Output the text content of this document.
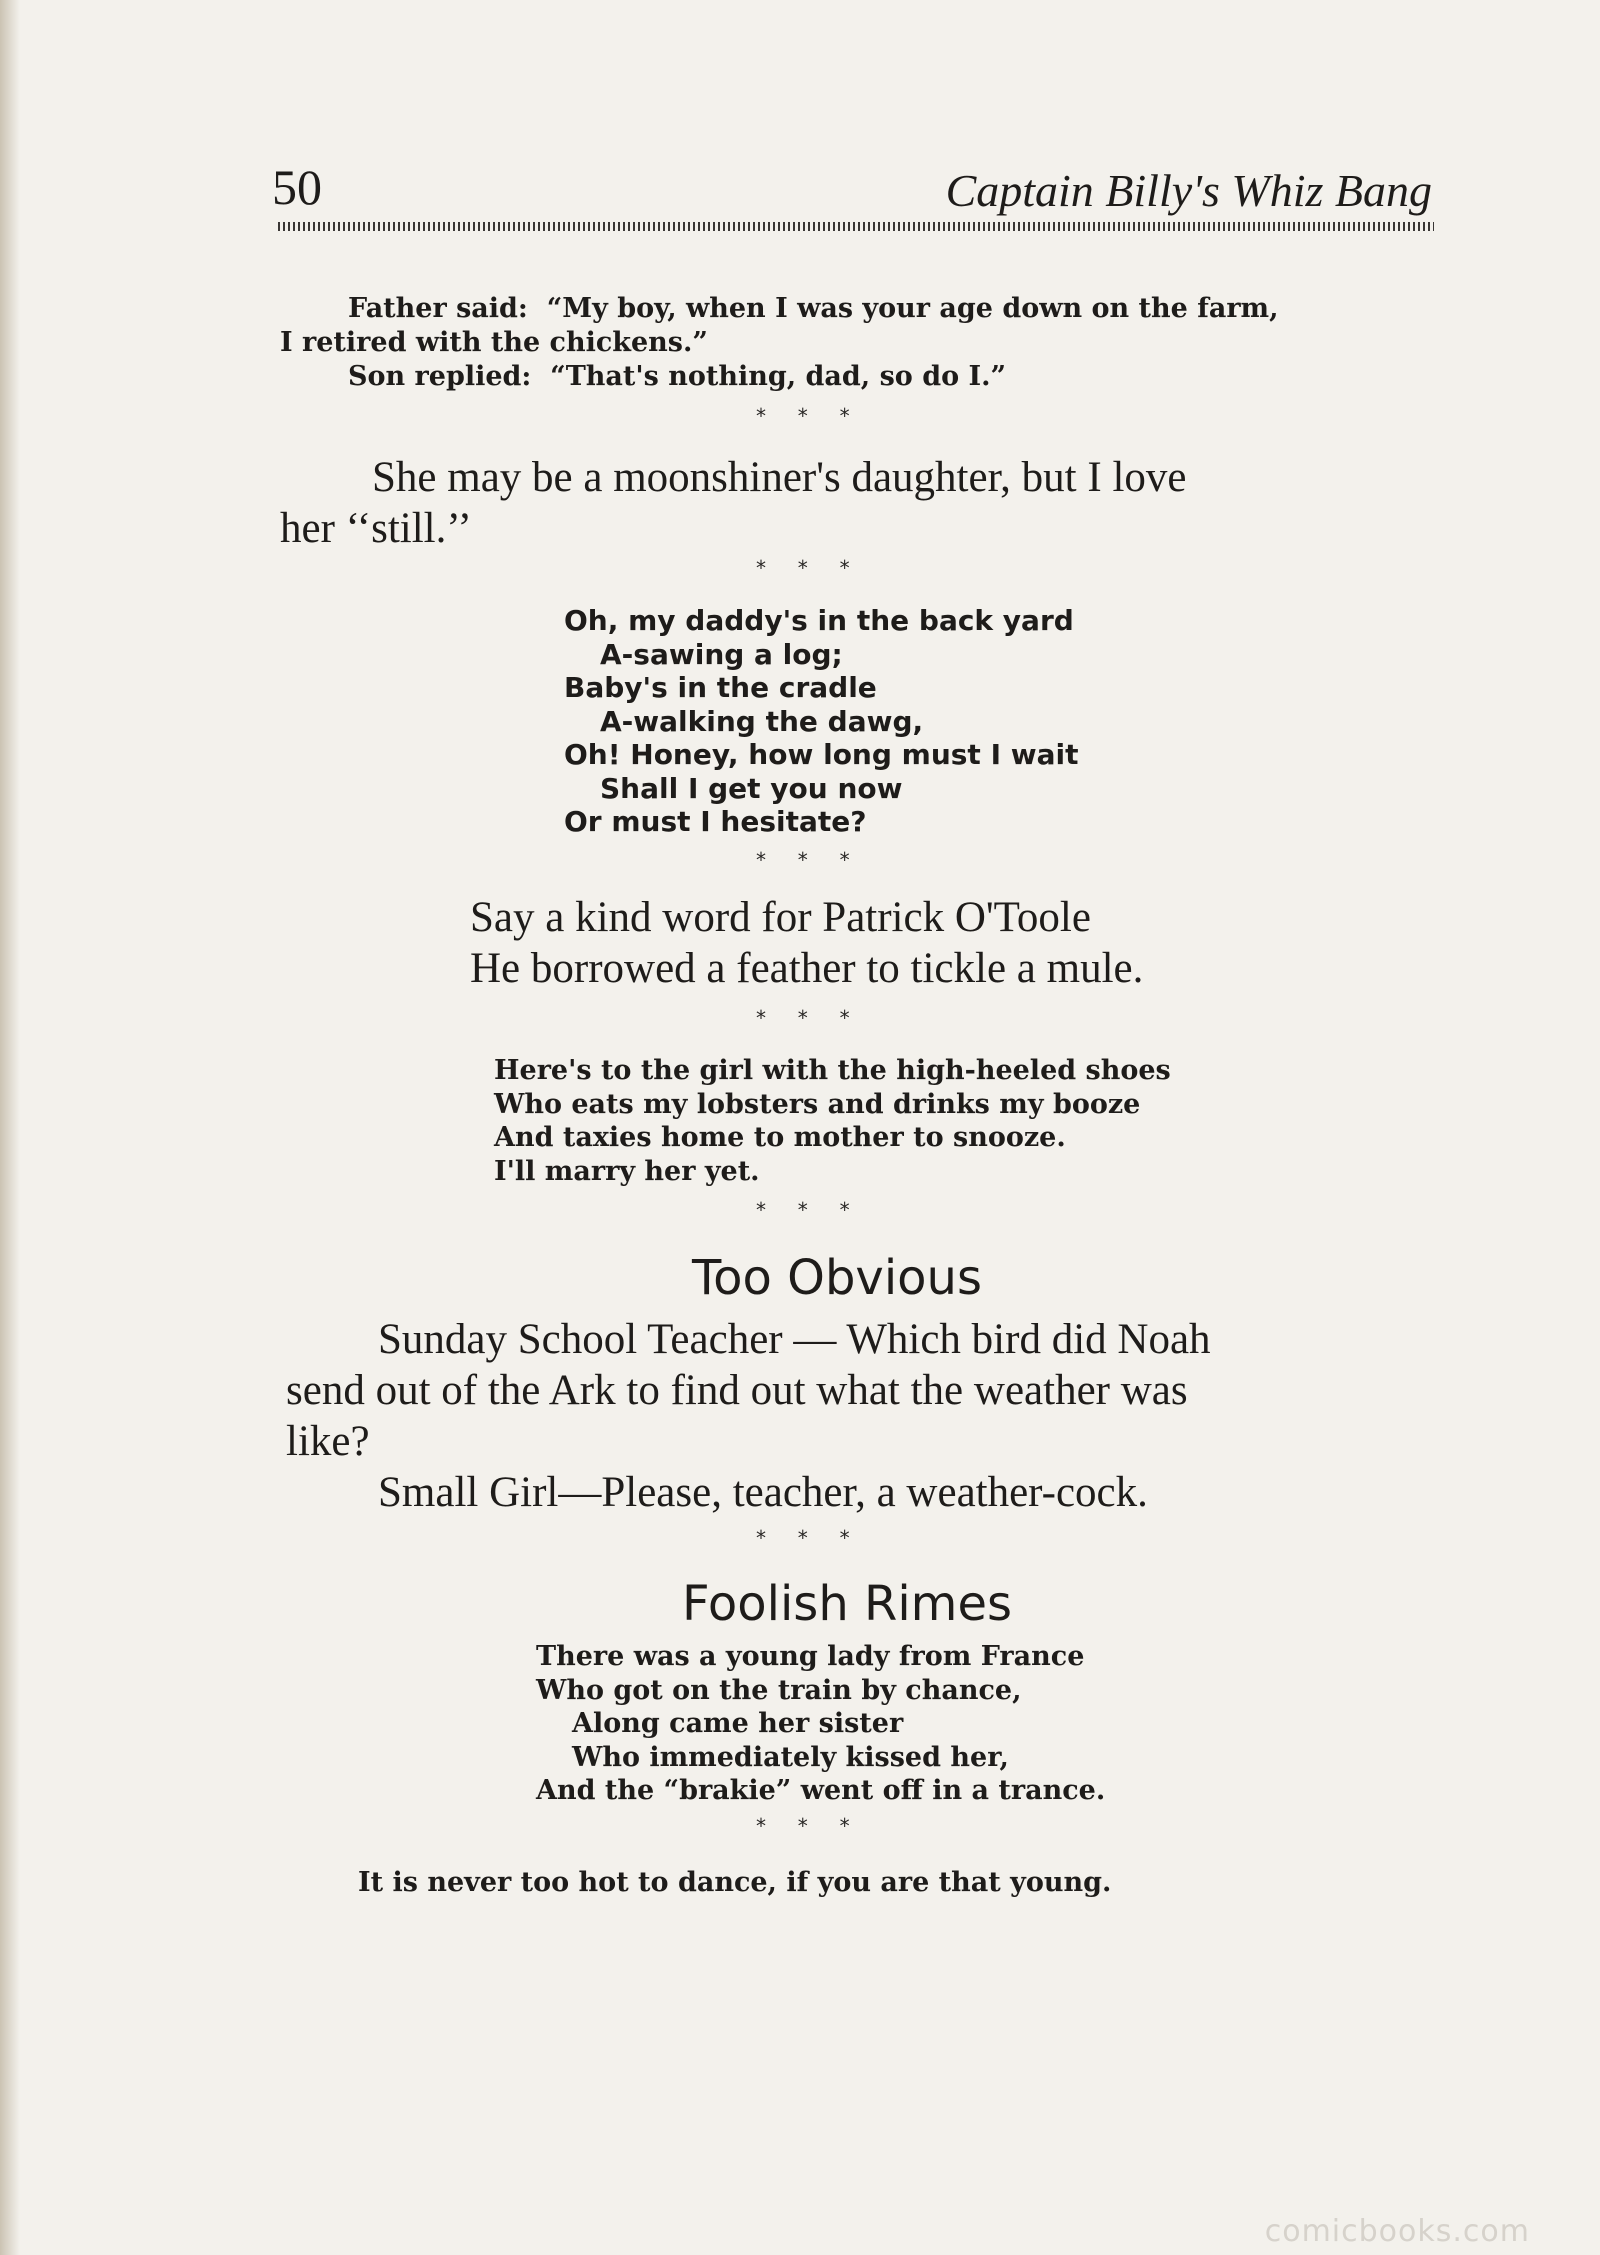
50	Captain Billy's Whiz Bang
Father said:  “My boy, when I was your age down on the farm,
I retired with the chickens.”
Son replied:  “That's nothing, dad, so do I.”
*     *     *
She may be a moonshiner's daughter, but I love
her ‘‘still.’’
*     *     *
Oh, my daddy's in the back yard
A-sawing a log;
Baby's in the cradle
A-walking the dawg,
Oh! Honey, how long must I wait
Shall I get you now
Or must I hesitate?
*     *     *
Say a kind word for Patrick O'Toole
He borrowed a feather to tickle a mule.
*     *     *
Here's to the girl with the high-heeled shoes
Who eats my lobsters and drinks my booze
And taxies home to mother to snooze.
I'll marry her yet.
*     *     *
Too Obvious
Sunday School Teacher — Which bird did Noah
send out of the Ark to find out what the weather was
like?
Small Girl—Please, teacher, a weather-cock.
*     *     *
Foolish Rimes
There was a young lady from France
Who got on the train by chance,
Along came her sister
Who immediately kissed her,
And the “brakie” went off in a trance.
*     *     *
It is never too hot to dance, if you are that young.
comicbooks.com
